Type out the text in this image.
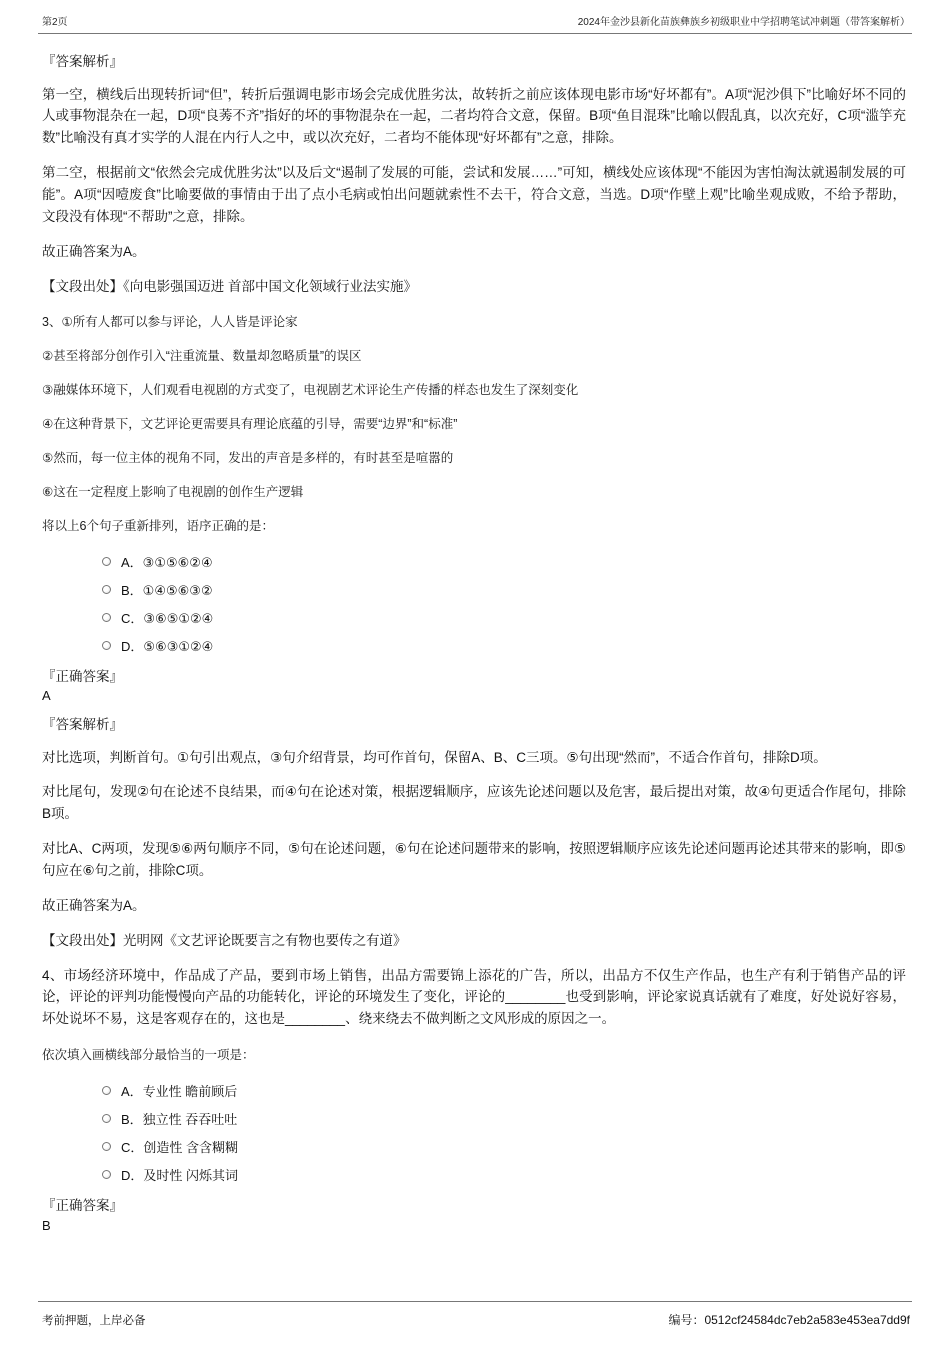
第2页	2024年金沙县新化苗族彝族乡初级职业中学招聘笔试冲刺题（带答案解析）
『答案解析』
第一空，横线后出现转折词“但”，转折后强调电影市场会完成优胜劣汰，故转折之前应该体现电影市场“好坏都有”。A项“泥沙俱下”比喻好坏不同的人或事物混杂在一起，D项“良莠不齐”指好的坏的事物混杂在一起，二者均符合文意，保留。B项“鱼目混珠”比喻以假乱真，以次充好，C项“滥竽充数”比喻没有真才实学的人混在内行人之中，或以次充好，二者均不能体现“好坏都有”之意，排除。
第二空，根据前文“依然会完成优胜劣汰”以及后文“遏制了发展的可能，尝试和发展……”可知，横线处应该体现“不能因为害怕淘汰就遏制发展的可能”。A项“因噎废食”比喻要做的事情由于出了点小毛病或怕出问题就索性不去干，符合文意，当选。D项“作壁上观”比喻坐观成败，不给予帮助，文段没有体现“不帮助”之意，排除。
故正确答案为A。
【文段出处】《向电影强国迈进 首部中国文化领域行业法实施》
3、①所有人都可以参与评论，人人皆是评论家
②甚至将部分创作引入“注重流量、数量却忽略质量”的误区
③融媒体环境下，人们观看电视剧的方式变了，电视剧艺术评论生产传播的样态也发生了深刻变化
④在这种背景下，文艺评论更需要具有理论底蕴的引导，需要“边界”和“标准”
⑤然而，每一位主体的视角不同，发出的声音是多样的，有时甚至是喧嚣的
⑥这在一定程度上影响了电视剧的创作生产逻辑
将以上6个句子重新排列，语序正确的是：
A．③①⑤⑥②④
B．①④⑤⑥③②
C．③⑥⑤①②④
D．⑤⑥③①②④
『正确答案』
A
『答案解析』
对比选项，判断首句。①句引出观点，③句介绍背景，均可作首句，保留A、B、C三项。⑤句出现“然而”，不适合作首句，排除D项。
对比尾句，发现②句在论述不良结果，而④句在论述对策，根据逻辑顺序，应该先论述问题以及危害，最后提出对策，故④句更适合作尾句，排除B项。
对比A、C两项，发现⑤⑥两句顺序不同，⑤句在论述问题，⑥句在论述问题带来的影响，按照逻辑顺序应该先论述问题再论述其带来的影响，即⑤句应在⑥句之前，排除C项。
故正确答案为A。
【文段出处】光明网《文艺评论既要言之有物也要传之有道》
4、市场经济环境中，作品成了产品，要到市场上销售，出品方需要锦上添花的广告，所以，出品方不仅生产作品，也生产有利于销售产品的评论，评论的评判功能慢慢向产品的功能转化，评论的环境发生了变化，评论的________也受到影响，评论家说真话就有了难度，好处说好容易，坏处说坏不易，这是客观存在的，这也是________、绕来绕去不做判断之文风形成的原因之一。
依次填入画横线部分最恰当的一项是：
A．专业性 瞻前顾后
B．独立性 吞吞吐吐
C．创造性 含含糊糊
D．及时性 闪烁其词
『正确答案』
B
考前押题，上岸必备	编号：0512cf24584dc7eb2a583e453ea7dd9f
